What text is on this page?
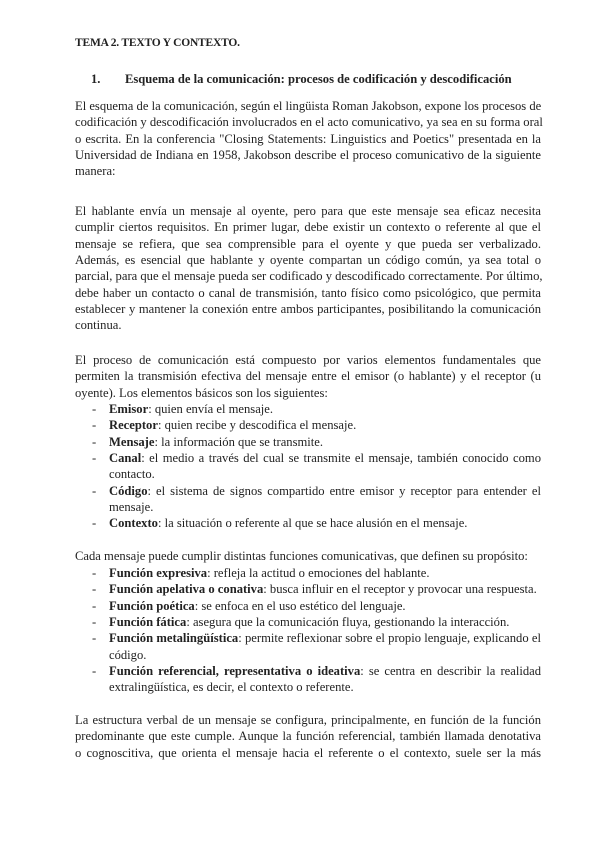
TEMA 2. TEXTO Y CONTEXTO.
1. Esquema de la comunicación: procesos de codificación y descodificación
El esquema de la comunicación, según el lingüista Roman Jakobson, expone los procesos de
codificación y descodificación involucrados en el acto comunicativo, ya sea en su forma oral
o escrita. En la conferencia "Closing Statements: Linguistics and Poetics" presentada en la
Universidad de Indiana en 1958, Jakobson describe el proceso comunicativo de la siguiente
manera:
El hablante envía un mensaje al oyente, pero para que este mensaje sea eficaz necesita
cumplir ciertos requisitos. En primer lugar, debe existir un contexto o referente al que el
mensaje se refiera, que sea comprensible para el oyente y que pueda ser verbalizado.
Además, es esencial que hablante y oyente compartan un código común, ya sea total o
parcial, para que el mensaje pueda ser codificado y descodificado correctamente. Por último,
debe haber un contacto o canal de transmisión, tanto físico como psicológico, que permita
establecer y mantener la conexión entre ambos participantes, posibilitando la comunicación
continua.
El proceso de comunicación está compuesto por varios elementos fundamentales que
permiten la transmisión efectiva del mensaje entre el emisor (o hablante) y el receptor (u
oyente). Los elementos básicos son los siguientes:
- Emisor: quien envía el mensaje.
- Receptor: quien recibe y descodifica el mensaje.
- Mensaje: la información que se transmite.
- Canal: el medio a través del cual se transmite el mensaje, también conocido como
contacto.
- Código: el sistema de signos compartido entre emisor y receptor para entender el
mensaje.
- Contexto: la situación o referente al que se hace alusión en el mensaje.
Cada mensaje puede cumplir distintas funciones comunicativas, que definen su propósito:
- Función expresiva: refleja la actitud o emociones del hablante.
- Función apelativa o conativa: busca influir en el receptor y provocar una respuesta.
- Función poética: se enfoca en el uso estético del lenguaje.
- Función fática: asegura que la comunicación fluya, gestionando la interacción.
- Función metalingüística: permite reflexionar sobre el propio lenguaje, explicando el
código.
- Función referencial, representativa o ideativa: se centra en describir la realidad
extralingüística, es decir, el contexto o referente.
La estructura verbal de un mensaje se configura, principalmente, en función de la función
predominante que este cumple. Aunque la función referencial, también llamada denotativa
o cognoscitiva, que orienta el mensaje hacia el referente o el contexto, suele ser la más
